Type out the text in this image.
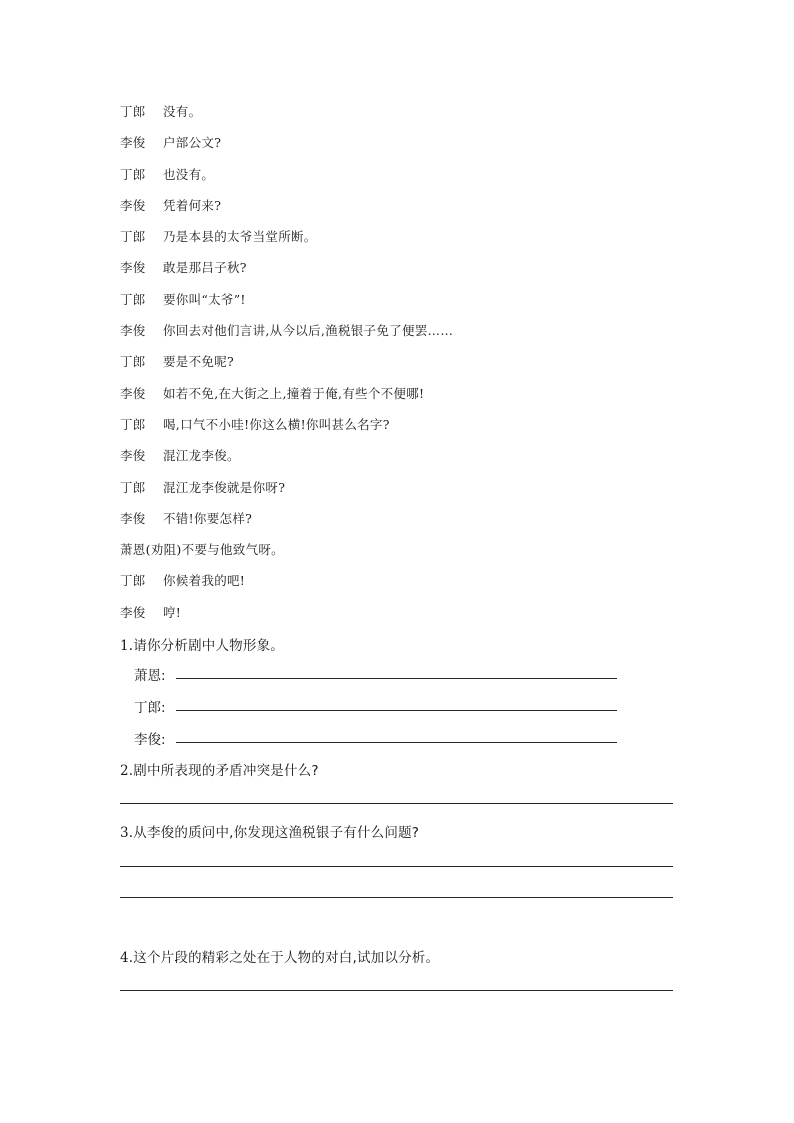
丁郎 没有。
李俊 户部公文?
丁郎 也没有。
李俊 凭着何来?
丁郎 乃是本县的太爷当堂所断。
李俊 敢是那吕子秋?
丁郎 要你叫“太爷”!
李俊 你回去对他们言讲,从今以后,渔税银子免了便罢……
丁郎 要是不免呢?
李俊 如若不免,在大街之上,撞着于俺,有些个不便哪!
丁郎 喝,口气不小哇!你这么横!你叫甚么名字?
李俊 混江龙李俊。
丁郎 混江龙李俊就是你呀?
李俊 不错!你要怎样?
萧恩(劝阻)不要与他致气呀。
丁郎 你候着我的吧!
李俊 哼!
1.请你分析剧中人物形象。
萧恩:
丁郎:
李俊:
2.剧中所表现的矛盾冲突是什么?
3.从李俊的质问中,你发现这渔税银子有什么问题?
4.这个片段的精彩之处在于人物的对白,试加以分析。
